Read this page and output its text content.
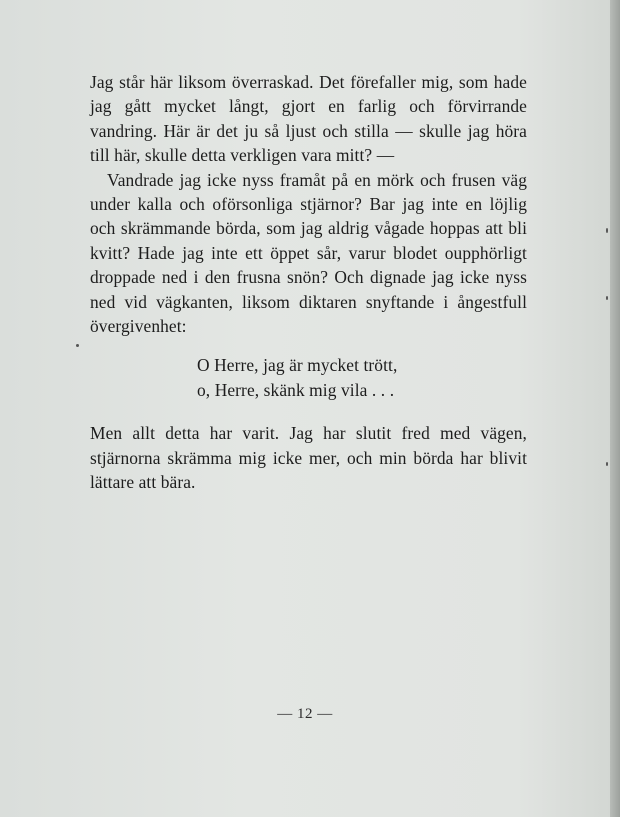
Jag står här liksom överraskad. Det förefaller mig, som hade jag gått mycket långt, gjort en farlig och förvirrande vandring. Här är det ju så ljust och stilla — skulle jag höra till här, skulle detta verkligen vara mitt? —

Vandrade jag icke nyss framåt på en mörk och frusen väg under kalla och oförsonliga stjärnor? Bar jag inte en löjlig och skrämmande börda, som jag aldrig vågade hoppas att bli kvitt? Hade jag inte ett öppet sår, varur blodet oupphörligt droppade ned i den frusna snön? Och dignade jag icke nyss ned vid vägkanten, liksom diktaren snyftande i ångestfull övergivenhet:

O Herre, jag är mycket trött,
o, Herre, skänk mig vila . . .

Men allt detta har varit. Jag har slutit fred med vägen, stjärnorna skrämma mig icke mer, och min börda har blivit lättare att bära.

— 12 —
